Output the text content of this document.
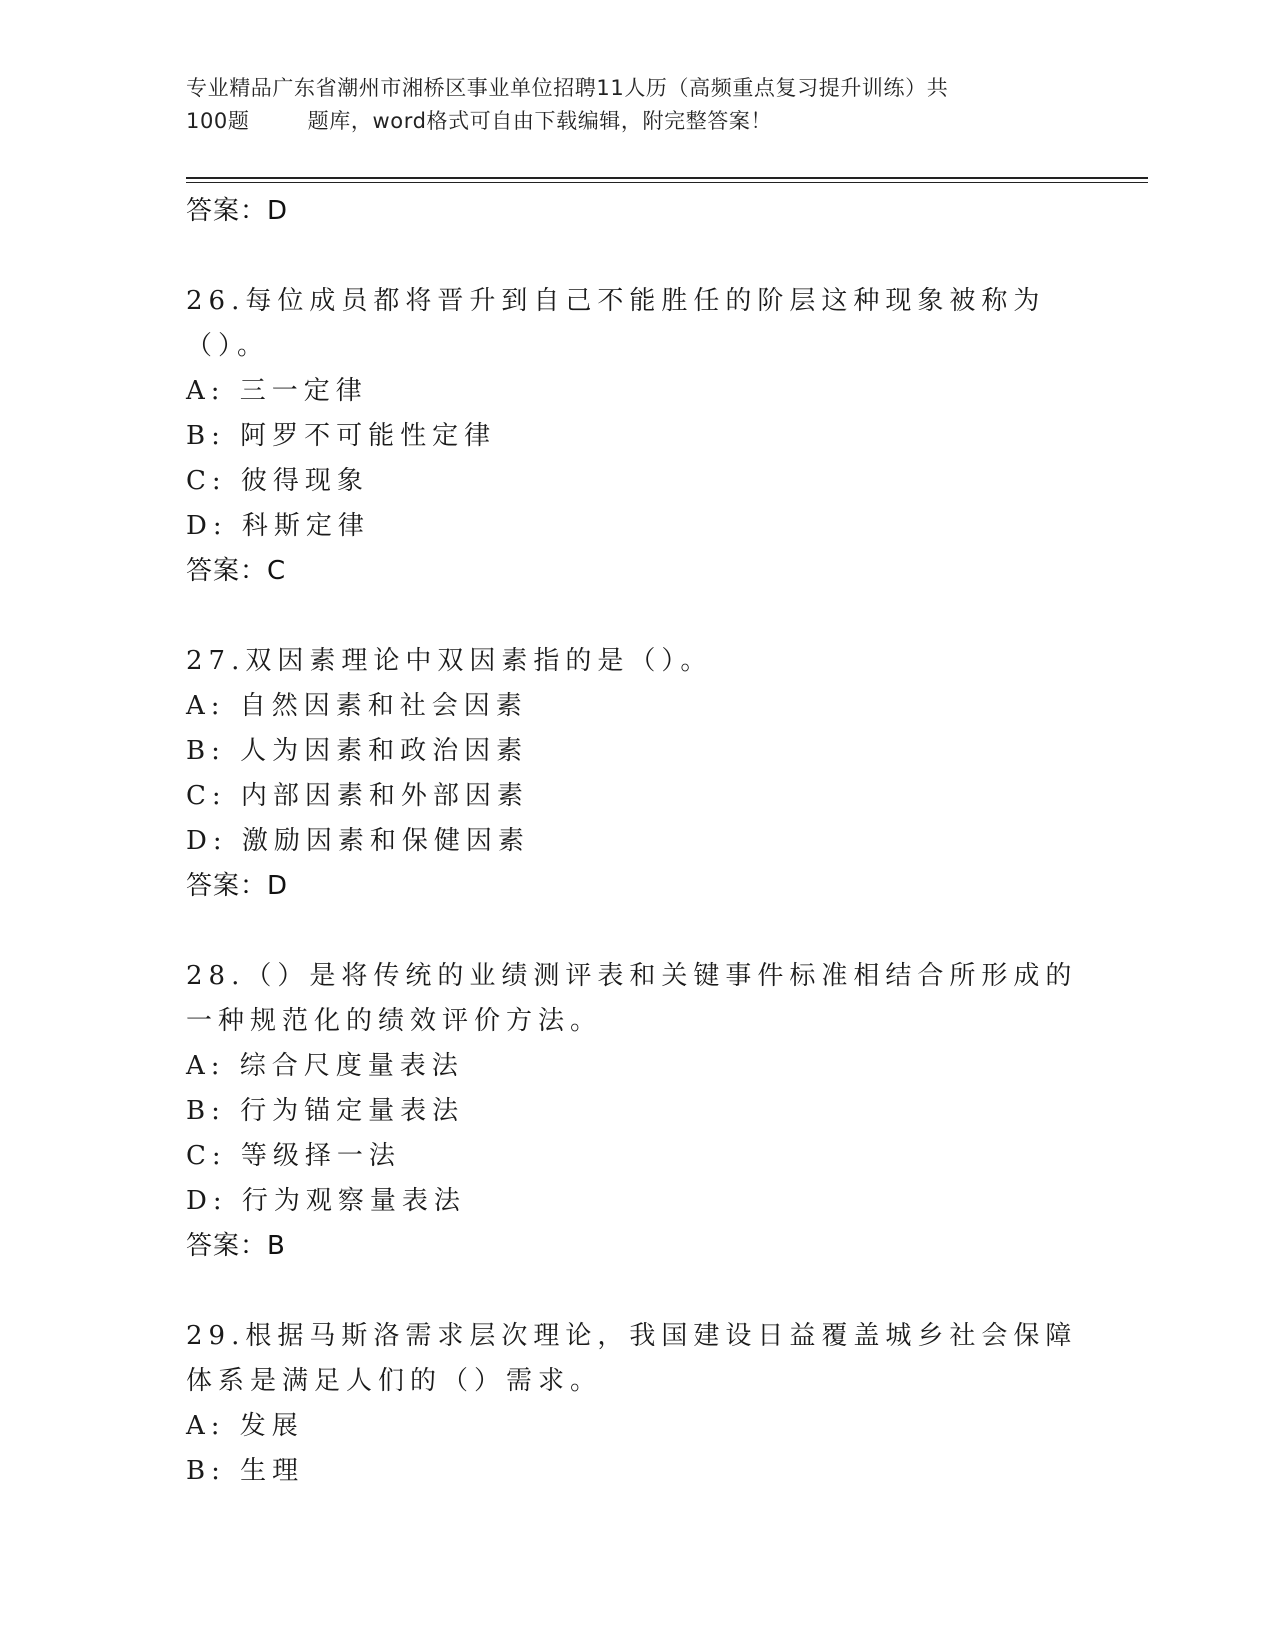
专业精品广东省潮州市湘桥区事业单位招聘11人历（高频重点复习提升训练）共
100题        题库，word格式可自由下载编辑，附完整答案！
答案：D
26.每位成员都将晋升到自己不能胜任的阶层这种现象被称为（）。
A: 三一定律
B: 阿罗不可能性定律
C: 彼得现象
D: 科斯定律
答案：C
27.双因素理论中双因素指的是（）。
A: 自然因素和社会因素
B: 人为因素和政治因素
C: 内部因素和外部因素
D: 激励因素和保健因素
答案：D
28.（）是将传统的业绩测评表和关键事件标准相结合所形成的一种规范化的绩效评价方法。
A: 综合尺度量表法
B: 行为锚定量表法
C: 等级择一法
D: 行为观察量表法
答案：B
29.根据马斯洛需求层次理论，我国建设日益覆盖城乡社会保障体系是满足人们的（）需求。
A: 发展
B: 生理
